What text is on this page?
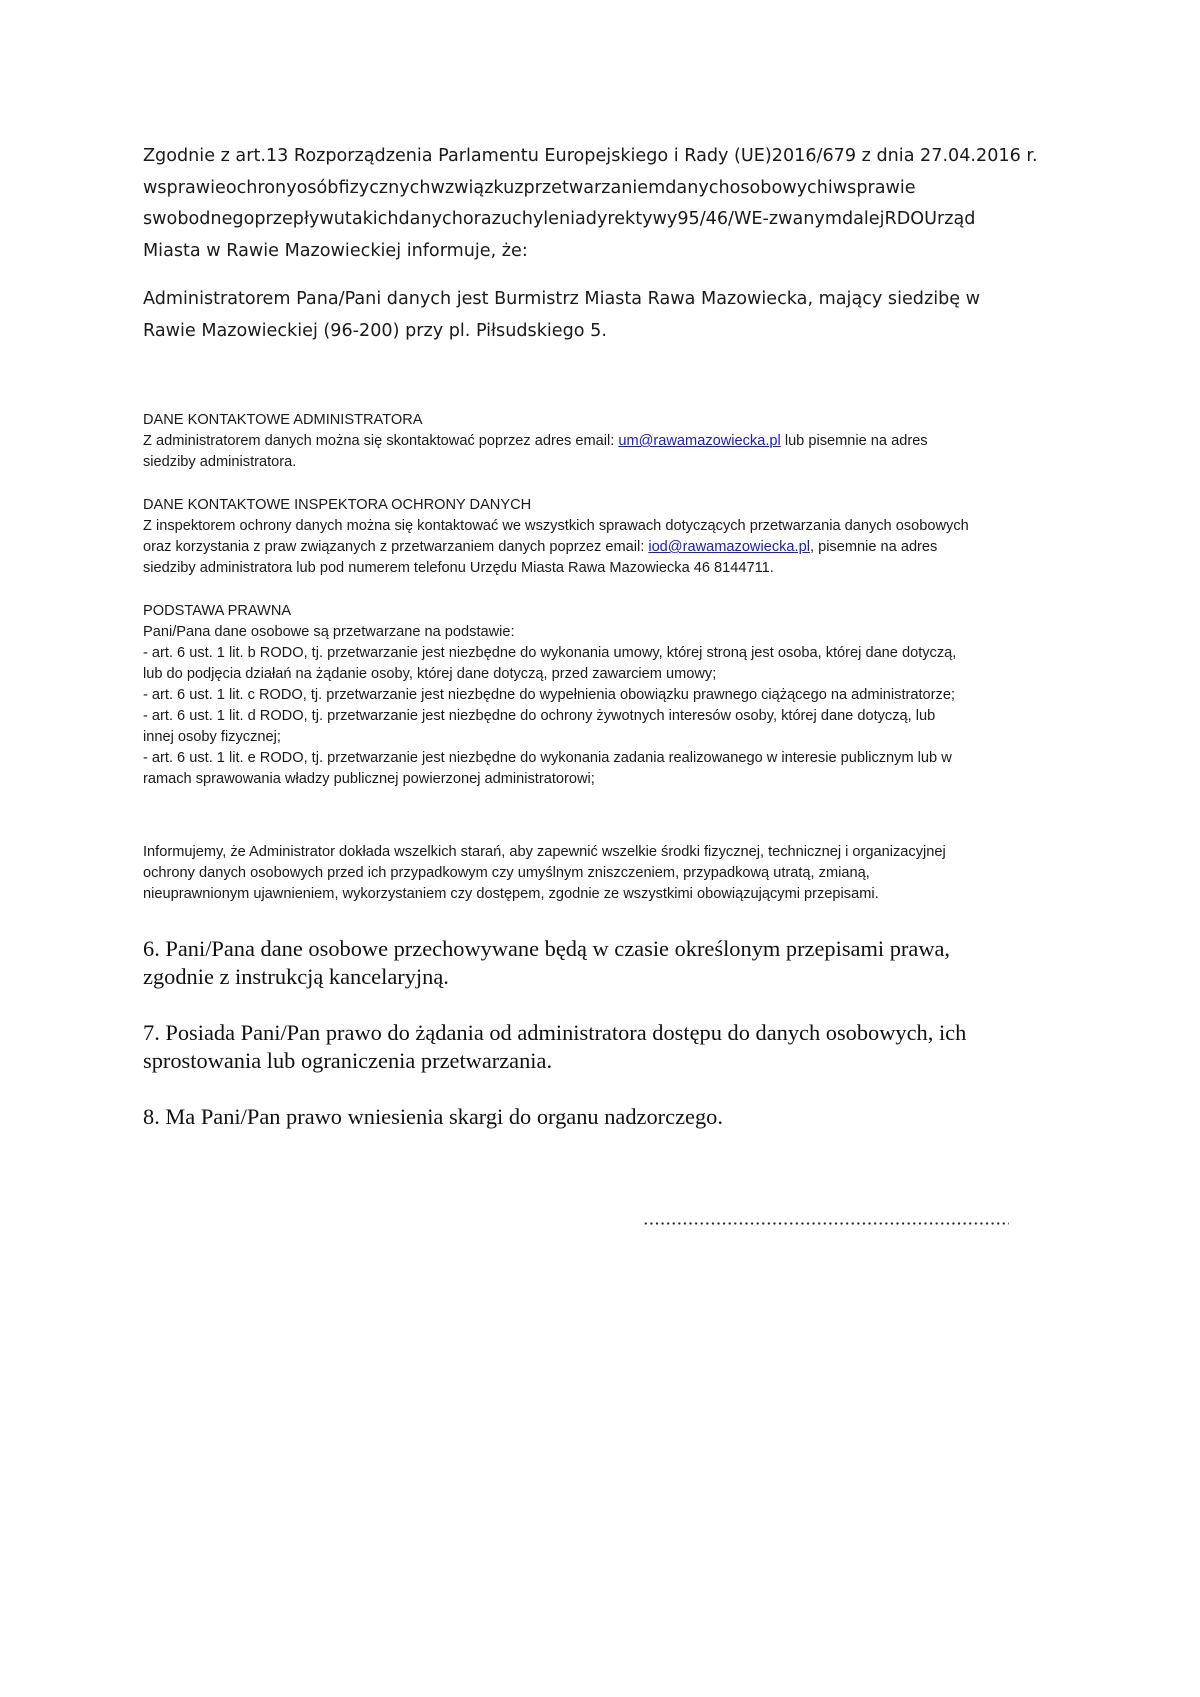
Zgodnie z art.13 Rozporządzenia Parlamentu Europejskiego i Rady (UE)2016/679 z dnia 27.04.2016 r.
wsprawieochronyosóbfizycznychwzwiązkuzprzetwarzaniemdanychosobowychiwsprawie
swobodnegoprzepływutakichdanychorazuchyleniadyrektywy95/46/WE-zwanymdalejRDOUrząd
Miasta w Rawie Mazowieckiej informuje, że:
Administratorem Pana/Pani danych jest Burmistrz Miasta Rawa Mazowiecka, mający siedzibę w
Rawie Mazowieckiej (96-200) przy pl. Piłsudskiego 5.
DANE KONTAKTOWE ADMINISTRATORA
Z administratorem danych można się skontaktować poprzez adres email: um@rawamazowiecka.pl lub pisemnie na adres
siedziby administratora.
DANE KONTAKTOWE INSPEKTORA OCHRONY DANYCH
Z inspektorem ochrony danych można się kontaktować we wszystkich sprawach dotyczących przetwarzania danych osobowych
oraz korzystania z praw związanych z przetwarzaniem danych poprzez email: iod@rawamazowiecka.pl, pisemnie na adres
siedziby administratora lub pod numerem telefonu Urzędu Miasta Rawa Mazowiecka 46 8144711.
PODSTAWA PRAWNA
Pani/Pana dane osobowe są przetwarzane na podstawie:
- art. 6 ust. 1 lit. b RODO, tj. przetwarzanie jest niezbędne do wykonania umowy, której stroną jest osoba, której dane dotyczą,
lub do podjęcia działań na żądanie osoby, której dane dotyczą, przed zawarciem umowy;
- art. 6 ust. 1 lit. c RODO, tj. przetwarzanie jest niezbędne do wypełnienia obowiązku prawnego ciążącego na administratorze;
- art. 6 ust. 1 lit. d RODO, tj. przetwarzanie jest niezbędne do ochrony żywotnych interesów osoby, której dane dotyczą, lub
innej osoby fizycznej;
- art. 6 ust. 1 lit. e RODO, tj. przetwarzanie jest niezbędne do wykonania zadania realizowanego w interesie publicznym lub w
ramach sprawowania władzy publicznej powierzonej administratorowi;
Informujemy, że Administrator dokłada wszelkich starań, aby zapewnić wszelkie środki fizycznej, technicznej i organizacyjnej
ochrony danych osobowych przed ich przypadkowym czy umyślnym zniszczeniem, przypadkową utratą, zmianą,
nieuprawnionym ujawnieniem, wykorzystaniem czy dostępem, zgodnie ze wszystkimi obowiązującymi przepisami.
6. Pani/Pana dane osobowe przechowywane będą w czasie określonym przepisami prawa,
zgodnie z instrukcją kancelaryjną.
7. Posiada Pani/Pan prawo do żądania od administratora dostępu do danych osobowych, ich
sprostowania lub ograniczenia przetwarzania.
8. Ma Pani/Pan prawo wniesienia skargi do organu nadzorczego.
